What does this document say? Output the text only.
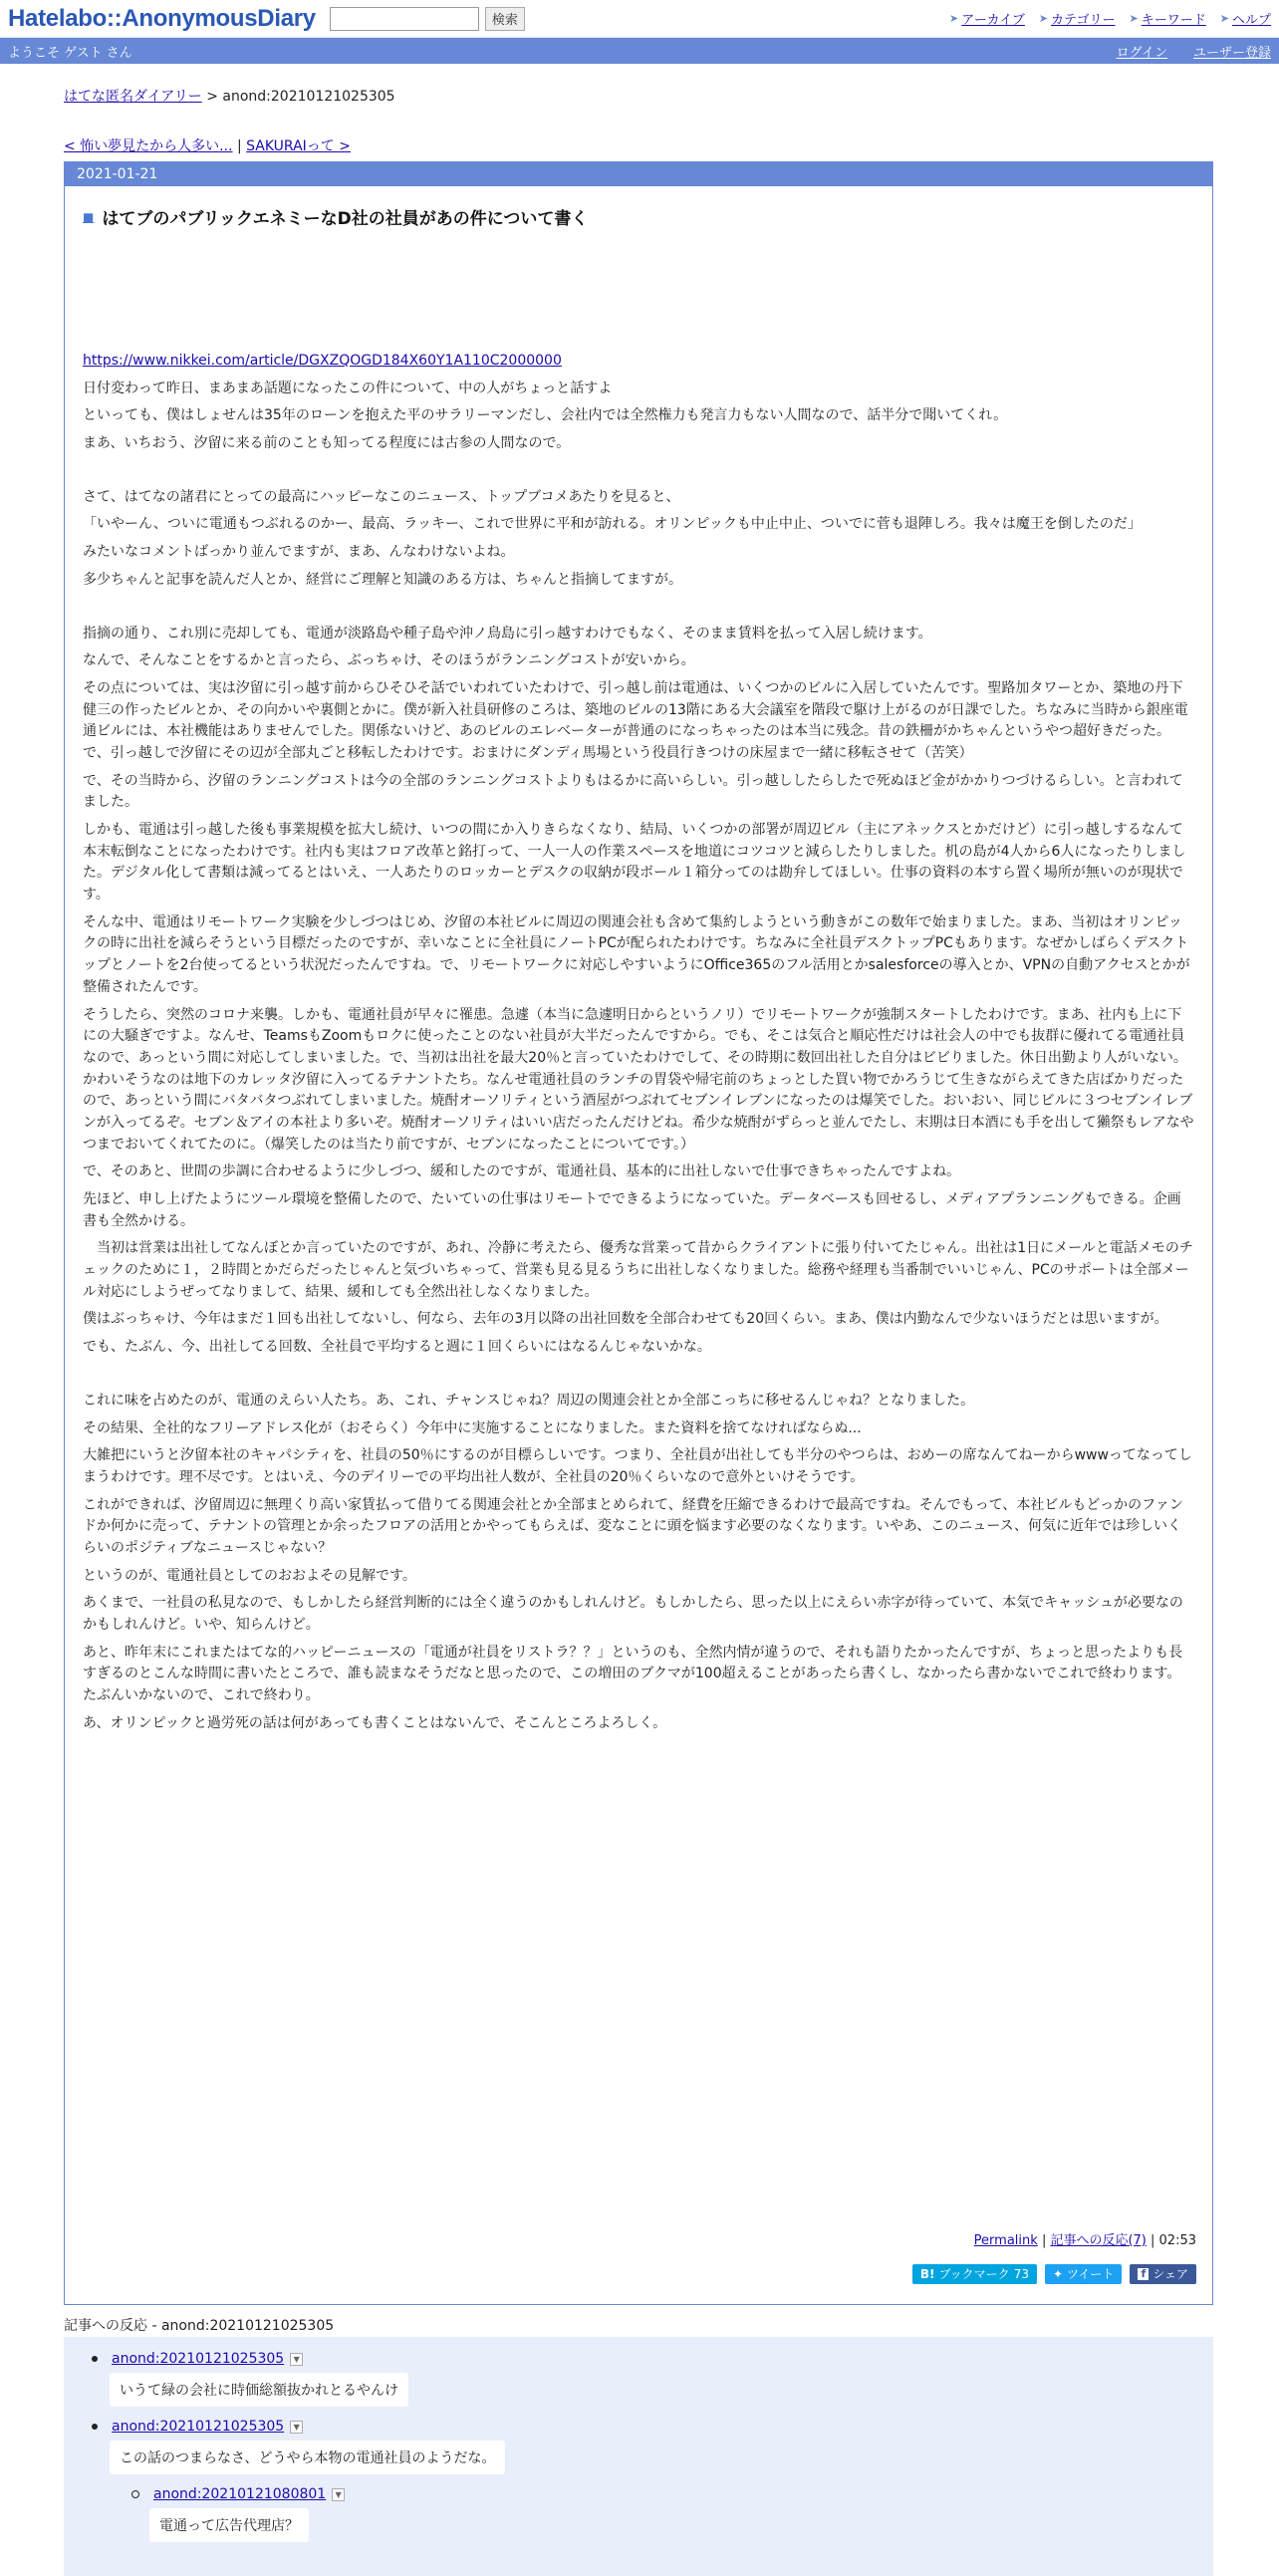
Hatelabo::AnonymousDiary	検索	➤ アーカイブ ➤ カテゴリー ➤ キーワード ➤ ヘルプ
ようこそ ゲスト さん	ログイン ユーザー登録
はてな匿名ダイアリー > anond:20210121025305
< 怖い夢見たから人多い... | SAKURAIって >
2021-01-21
■ はてブのパブリックエネミーなD社の社員があの件について書く

https://www.nikkei.com/article/DGXZQOGD184X60Y1A110C2000000

日付変わって昨日、まあまあ話題になったこの件について、中の人がちょっと話すよ

といっても、僕はしょせんは35年のローンを抱えた平のサラリーマンだし、会社内では全然権力も発言力もない人間なので、話半分で聞いてくれ。

まあ、いちおう、汐留に来る前のことも知ってる程度には古参の人間なので。

さて、はてなの諸君にとっての最高にハッピーなこのニュース、トップブコメあたりを見ると、

「いやーん、ついに電通もつぶれるのかー、最高、ラッキー、これで世界に平和が訪れる。オリンピックも中止中止、ついでに菅も退陣しろ。我々は魔王を倒したのだ」

みたいなコメントばっかり並んでますが、まあ、んなわけないよね。

多少ちゃんと記事を読んだ人とか、経営にご理解と知識のある方は、ちゃんと指摘してますが。

指摘の通り、これ別に売却しても、電通が淡路島や種子島や沖ノ鳥島に引っ越すわけでもなく、そのまま賃料を払って入居し続けます。

なんで、そんなことをするかと言ったら、ぶっちゃけ、そのほうがランニングコストが安いから。

その点については、実は汐留に引っ越す前からひそひそ話でいわれていたわけで、引っ越し前は電通は、いくつかのビルに入居していたんです。聖路加タワーとか、築地の丹下健三の作ったビルとか、その向かいや裏側とかに。僕が新入社員研修のころは、築地のビルの13階にある大会議室を階段で駆け上がるのが日課でした。ちなみに当時から銀座電通ビルには、本社機能はありませんでした。関係ないけど、あのビルのエレベーターが普通のになっちゃったのは本当に残念。昔の鉄柵がかちゃんというやつ超好きだった。で、引っ越しで汐留にその辺が全部丸ごと移転したわけです。おまけにダンディ馬場という役員行きつけの床屋まで一緒に移転させて（苦笑）

で、その当時から、汐留のランニングコストは今の全部のランニングコストよりもはるかに高いらしい。引っ越ししたらしたで死ぬほど金がかかりつづけるらしい。と言われてました。

しかも、電通は引っ越した後も事業規模を拡大し続け、いつの間にか入りきらなくなり、結局、いくつかの部署が周辺ビル（主にアネックスとかだけど）に引っ越しするなんて本末転倒なことになったわけです。社内も実はフロア改革と銘打って、一人一人の作業スペースを地道にコツコツと減らしたりしました。机の島が4人から6人になったりしました。デジタル化して書類は減ってるとはいえ、一人あたりのロッカーとデスクの収納が段ボール１箱分ってのは勘弁してほしい。仕事の資料の本すら置く場所が無いのが現状です。

そんな中、電通はリモートワーク実験を少しづつはじめ、汐留の本社ビルに周辺の関連会社も含めて集約しようという動きがこの数年で始まりました。まあ、当初はオリンピックの時に出社を減らそうという目標だったのですが、幸いなことに全社員にノートPCが配られたわけです。ちなみに全社員デスクトップPCもあります。なぜかしばらくデスクトップとノートを2台使ってるという状況だったんですね。で、リモートワークに対応しやすいようにOffice365のフル活用とかsalesforceの導入とか、VPNの自動アクセスとかが整備されたんです。

そうしたら、突然のコロナ来襲。しかも、電通社員が早々に罹患。急遽（本当に急遽明日からというノリ）でリモートワークが強制スタートしたわけです。まあ、社内も上に下にの大騒ぎですよ。なんせ、TeamsもZoomもロクに使ったことのない社員が大半だったんですから。でも、そこは気合と順応性だけは社会人の中でも抜群に優れてる電通社員なので、あっという間に対応してしまいました。で、当初は出社を最大20％と言っていたわけでして、その時期に数回出社した自分はビビりました。休日出勤より人がいない。かわいそうなのは地下のカレッタ汐留に入ってるテナントたち。なんせ電通社員のランチの胃袋や帰宅前のちょっとした買い物でかろうじて生きながらえてきた店ばかりだったので、あっという間にバタバタつぶれてしまいました。焼酎オーソリティという酒屋がつぶれてセブンイレブンになったのは爆笑でした。おいおい、同じビルに３つセブンイレブンが入ってるぞ。セブン＆アイの本社より多いぞ。焼酎オーソリティはいい店だったんだけどね。希少な焼酎がずらっと並んでたし、末期は日本酒にも手を出して獺祭もレアなやつまでおいてくれてたのに。（爆笑したのは当たり前ですが、セブンになったことについてです。）

で、そのあと、世間の歩調に合わせるように少しづつ、緩和したのですが、電通社員、基本的に出社しないで仕事できちゃったんですよね。

先ほど、申し上げたようにツール環境を整備したので、たいていの仕事はリモートでできるようになっていた。データベースも回せるし、メディアプランニングもできる。企画書も全然かける。

　当初は営業は出社してなんぼとか言っていたのですが、あれ、冷静に考えたら、優秀な営業って昔からクライアントに張り付いてたじゃん。出社は1日にメールと電話メモのチェックのために１，２時間とかだらだったじゃんと気づいちゃって、営業も見る見るうちに出社しなくなりました。総務や経理も当番制でいいじゃん、PCのサポートは全部メール対応にしようぜってなりまして、結果、緩和しても全然出社しなくなりました。

僕はぶっちゃけ、今年はまだ１回も出社してないし、何なら、去年の3月以降の出社回数を全部合わせても20回くらい。まあ、僕は内勤なんで少ないほうだとは思いますが。

でも、たぶん、今、出社してる回数、全社員で平均すると週に１回くらいにはなるんじゃないかな。

これに味を占めたのが、電通のえらい人たち。あ、これ、チャンスじゃね？周辺の関連会社とか全部こっちに移せるんじゃね？となりました。

その結果、全社的なフリーアドレス化が（おそらく）今年中に実施することになりました。また資料を捨てなければならぬ...

大雑把にいうと汐留本社のキャパシティを、社員の50％にするのが目標らしいです。つまり、全社員が出社しても半分のやつらは、おめーの席なんてねーからwwwってなってしまうわけです。理不尽です。とはいえ、今のデイリーでの平均出社人数が、全社員の20％くらいなので意外といけそうです。

これができれば、汐留周辺に無理くり高い家賃払って借りてる関連会社とか全部まとめられて、経費を圧縮できるわけで最高ですね。そんでもって、本社ビルもどっかのファンドか何かに売って、テナントの管理とか余ったフロアの活用とかやってもらえば、変なことに頭を悩ます必要のなくなります。いやあ、このニュース、何気に近年では珍しいくらいのポジティブなニュースじゃない？

というのが、電通社員としてのおおよその見解です。

あくまで、一社員の私見なので、もしかしたら経営判断的には全く違うのかもしれんけど。もしかしたら、思った以上にえらい赤字が待っていて、本気でキャッシュが必要なのかもしれんけど。いや、知らんけど。

あと、昨年末にこれまたはてな的ハッピーニュースの「電通が社員をリストラ？？」というのも、全然内情が違うので、それも語りたかったんですが、ちょっと思ったよりも長すぎるのとこんな時間に書いたところで、誰も読まなそうだなと思ったので、この増田のブクマが100超えることがあったら書くし、なかったら書かないでこれで終わります。たぶんいかないので、これで終わり。

あ、オリンピックと過労死の話は何があっても書くことはないんで、そこんところよろしく。

Permalink | 記事への反応(7) | 02:53
B! ブックマーク 73 ✦ ツイート f シェア
記事への反応 - anond:20210121025305
anond:20210121025305	▼
いうて緑の会社に時価総額抜かれとるやんけ
anond:20210121025305	▼
この話のつまらなさ、どうやら本物の電通社員のようだな。
anond:20210121080801	▼
電通って広告代理店？
